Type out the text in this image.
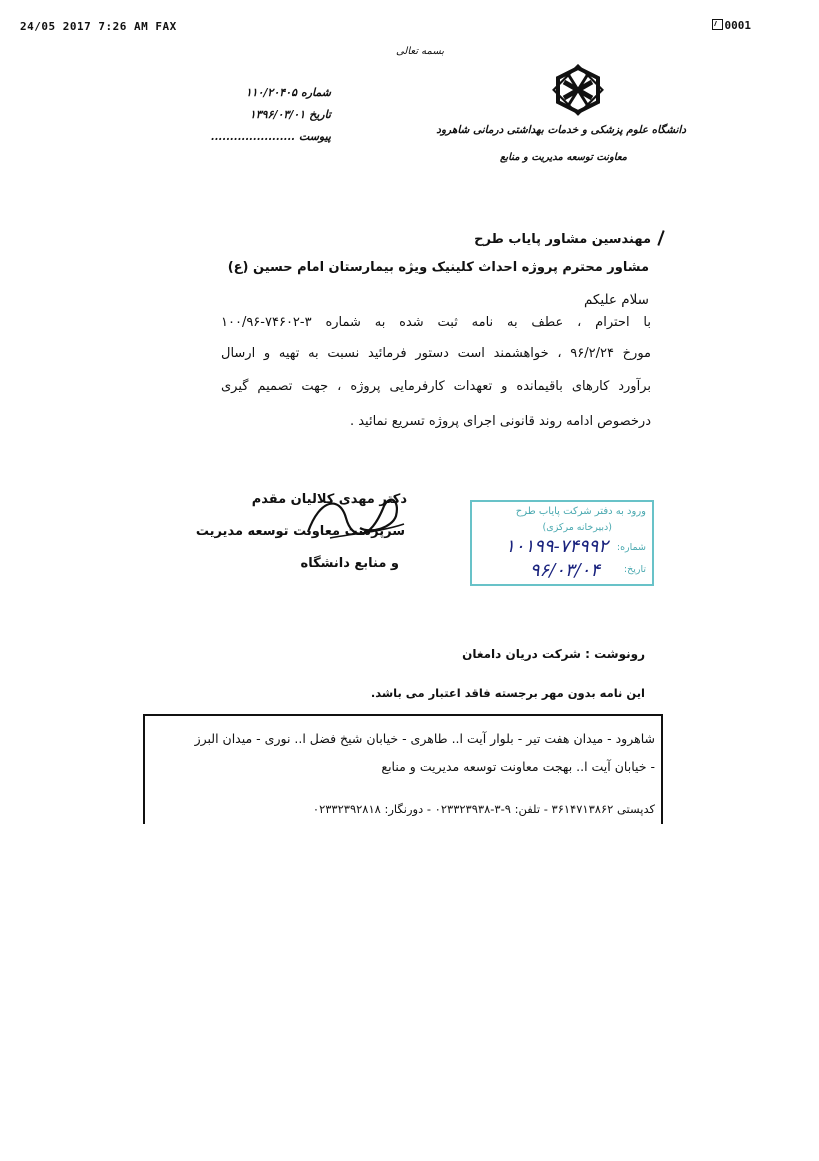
24/05 2017 7:26 AM FAX	0001
بسمه تعالی
دانشگاه علوم پزشکی و خدمات بهداشتی درمانی شاهرود
معاونت توسعه مدیریت و منابع
شماره۱۱۰/۲۰۴۰۵
تاریخ۱۳۹۶/۰۳/۰۱
پیوست......................
مهندسین مشاور پایاب طرح
مشاور محترم پروژه احداث کلینیک ویژه بیمارستان امام حسین (ع)
سلام علیکم
با احترام ، عطف به نامه ثبت شده به شماره ۳-۷۴۶۰۲-۱۰۰/۹۶
مورخ ۹۶/۲/۲۴ ، خواهشمند است دستور فرمائید نسبت به تهیه و ارسال
برآورد کارهای باقیمانده و تعهدات کارفرمایی پروژه ، جهت تصمیم گیری
درخصوص ادامه روند قانونی اجرای پروژه تسریع نمائید .
دکتر مهدی کلالیان مقدم
سرپرست معاونت توسعه مدیریت
و منابع دانشگاه
ورود به دفتر شرکت پایاب طرح
(دبیرخانه مرکزی)
شماره:
۱۰۱۹۹-۷۴۹۹۲
تاریخ:
۹۶/۰۳/۰۴
رونوشت : شرکت دریان دامغان
این نامه بدون مهر برجسته فاقد اعتبار می باشد.
شاهرود - میدان هفت تیر - بلوار آیت ا.. طاهری - خیابان شیخ فضل ا.. نوری - میدان البرز
- خیابان آیت ا.. بهجت معاونت توسعه مدیریت و منابع
کدپستی ۳۶۱۴۷۱۳۸۶۲ - تلفن: ۹-۳-۰۲۳۳۲۳۹۳۸ - دورنگار: ۰۲۳۳۲۳۹۲۸۱۸
